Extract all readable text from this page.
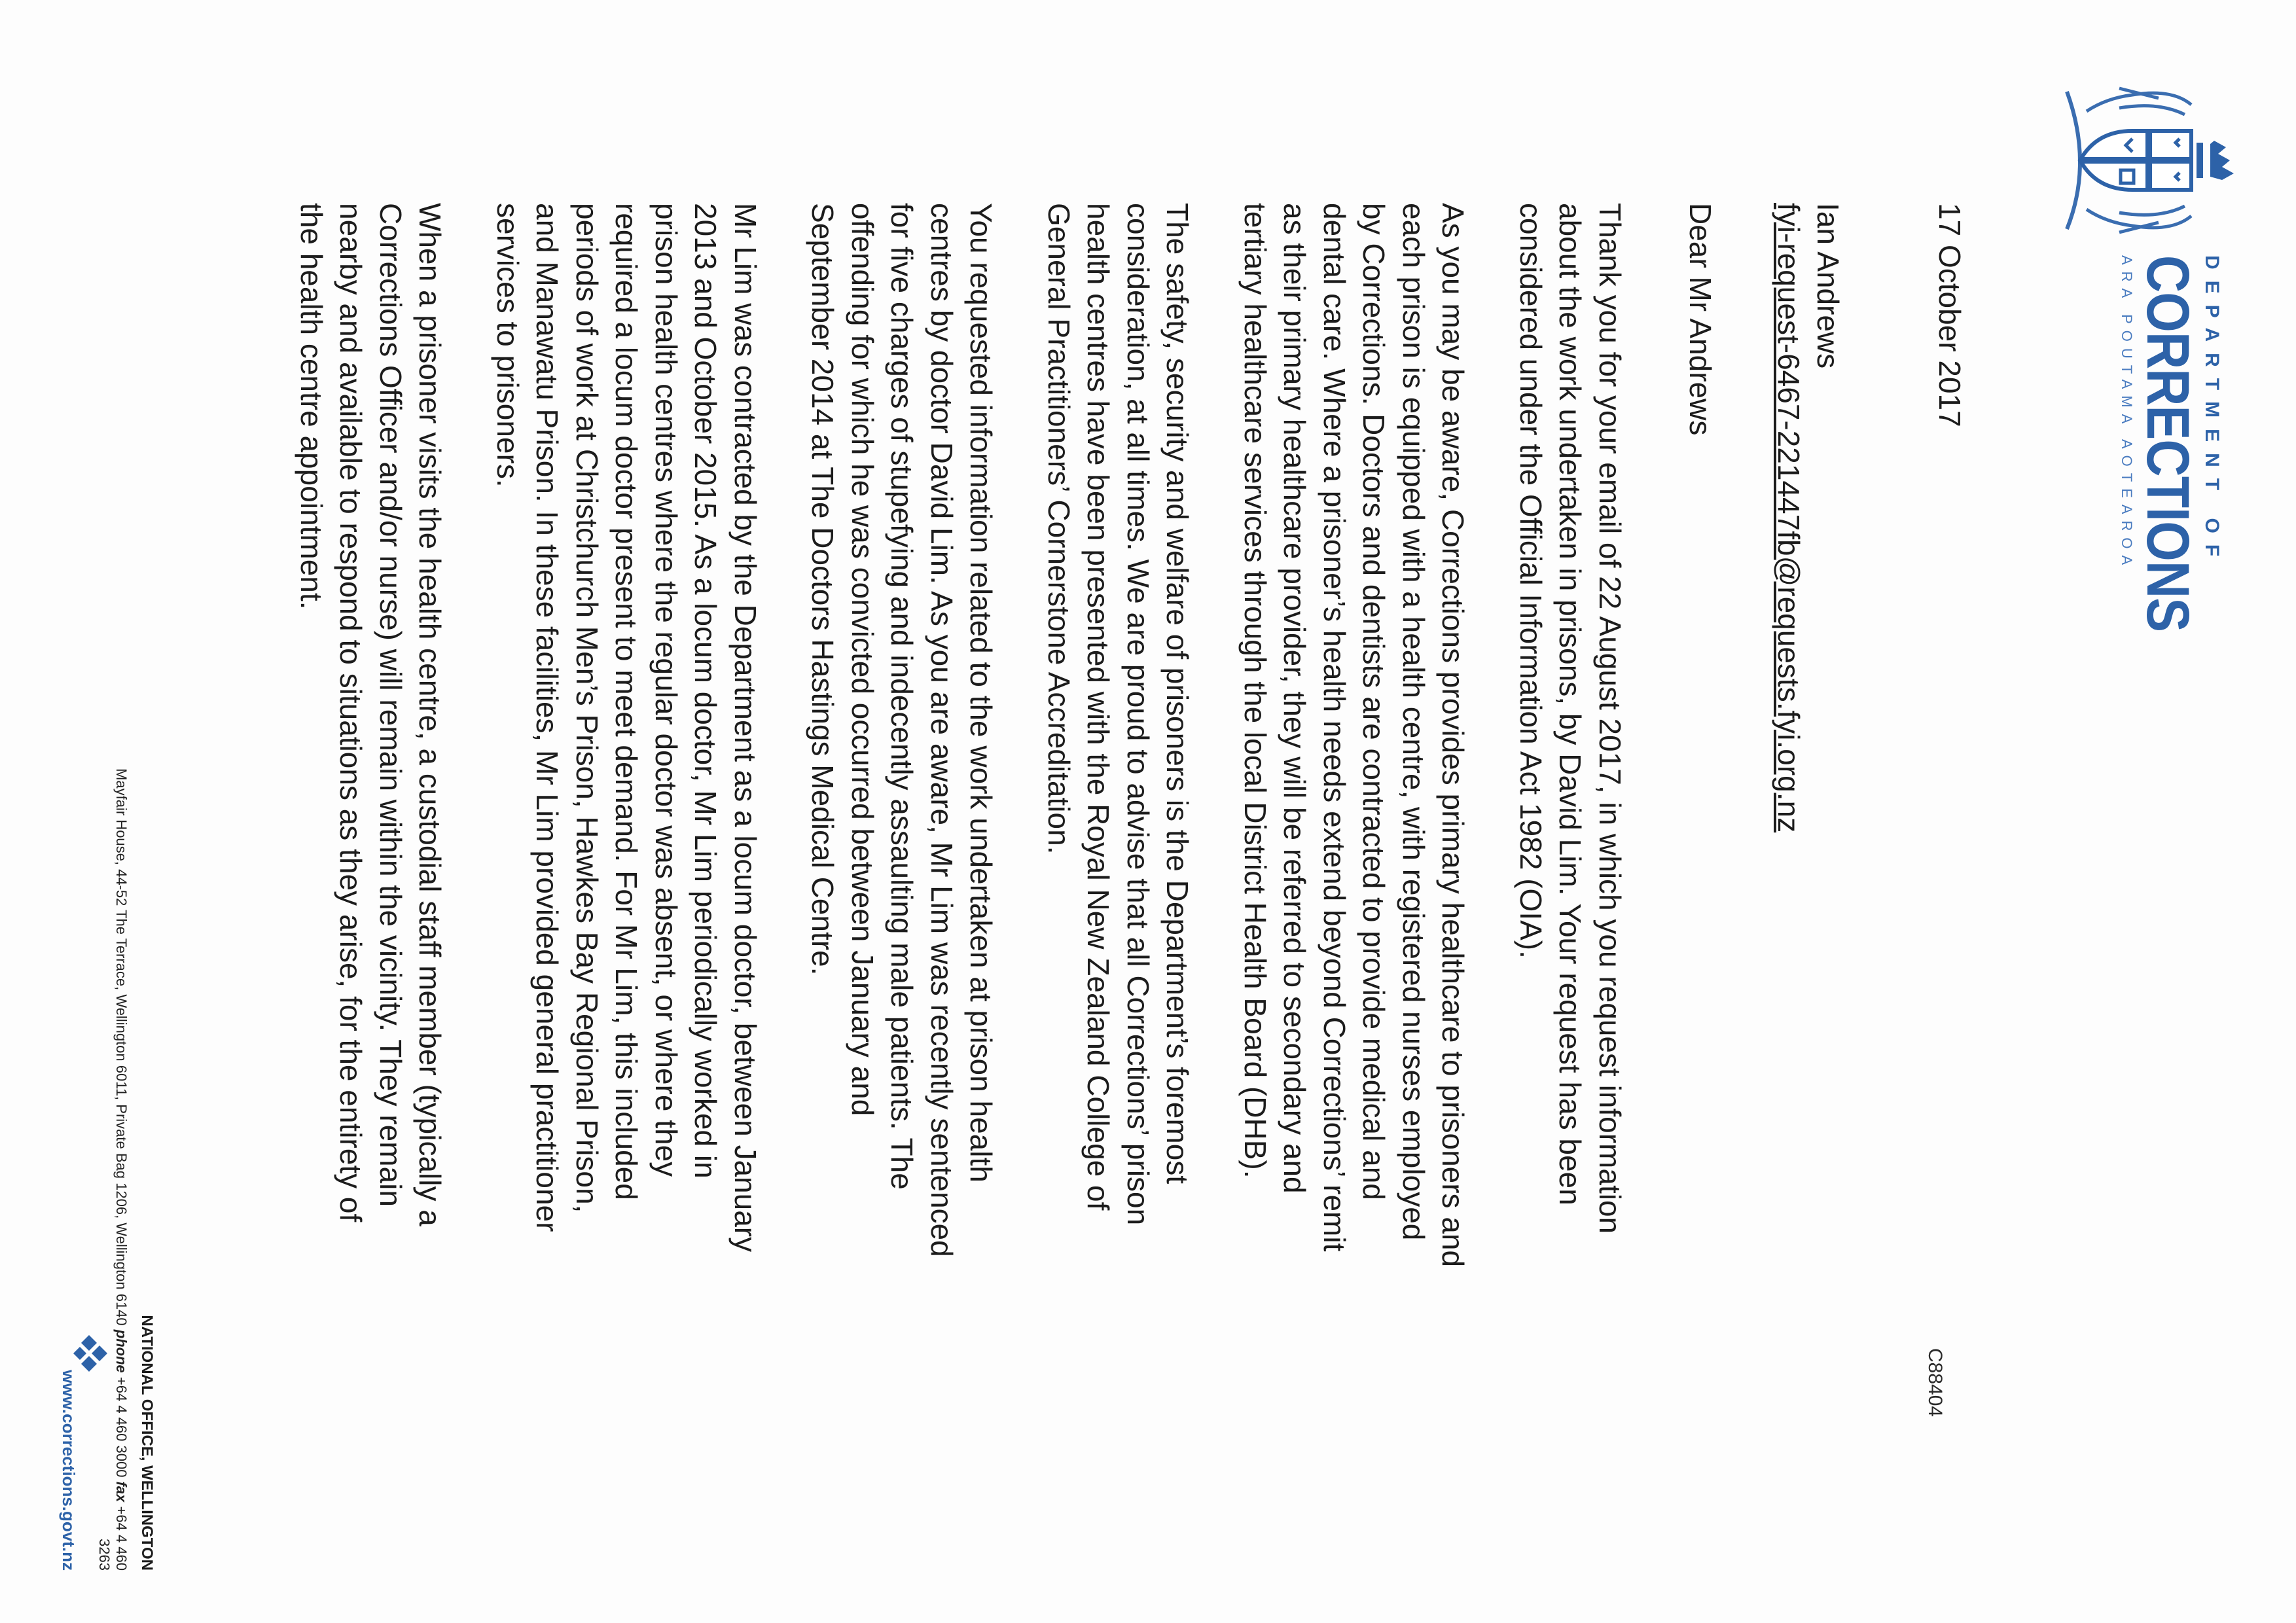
DEPARTMENT OF
CORRECTIONS
ARA POUTAMA AOTEAROA
C88404
17 October 2017
Ian Andrews
fyi-request-6467-221447fb@requests.fyi.org.nz
Dear Mr Andrews

Thank you for your email of 22 August 2017, in which you request information
about the work undertaken in prisons, by David Lim. Your request has been
considered under the Official Information Act 1982 (OIA).

As you may be aware, Corrections provides primary healthcare to prisoners and
each prison is equipped with a health centre, with registered nurses employed
by Corrections. Doctors and dentists are contracted to provide medical and
dental care. Where a prisoner’s health needs extend beyond Corrections’ remit
as their primary healthcare provider, they will be referred to secondary and
tertiary healthcare services through the local District Health Board (DHB).

The safety, security and welfare of prisoners is the Department’s foremost
consideration, at all times. We are proud to advise that all Corrections’ prison
health centres have been presented with the Royal New Zealand College of
General Practitioners’ Cornerstone Accreditation.

You requested information related to the work undertaken at prison health
centres by doctor David Lim. As you are aware, Mr Lim was recently sentenced
for five charges of stupefying and indecently assaulting male patients. The
offending for which he was convicted occurred between January and
September 2014 at The Doctors Hastings Medical Centre.

Mr Lim was contracted by the Department as a locum doctor, between January
2013 and October 2015. As a locum doctor, Mr Lim periodically worked in
prison health centres where the regular doctor was absent, or where they
required a locum doctor present to meet demand. For Mr Lim, this included
periods of work at Christchurch Men’s Prison, Hawkes Bay Regional Prison,
and Manawatu Prison. In these facilities, Mr Lim provided general practitioner
services to prisoners.

When a prisoner visits the health centre, a custodial staff member (typically a
Corrections Officer and/or nurse) will remain within the vicinity. They remain
nearby and available to respond to situations as they arise, for the entirety of
the health centre appointment.

NATIONAL OFFICE, WELLINGTON
Mayfair House, 44-52 The Terrace, Wellington 6011, Private Bag 1206, Wellington 6140 phone +64 4 460 3000 fax +64 4 460 3263
www.corrections.govt.nz
